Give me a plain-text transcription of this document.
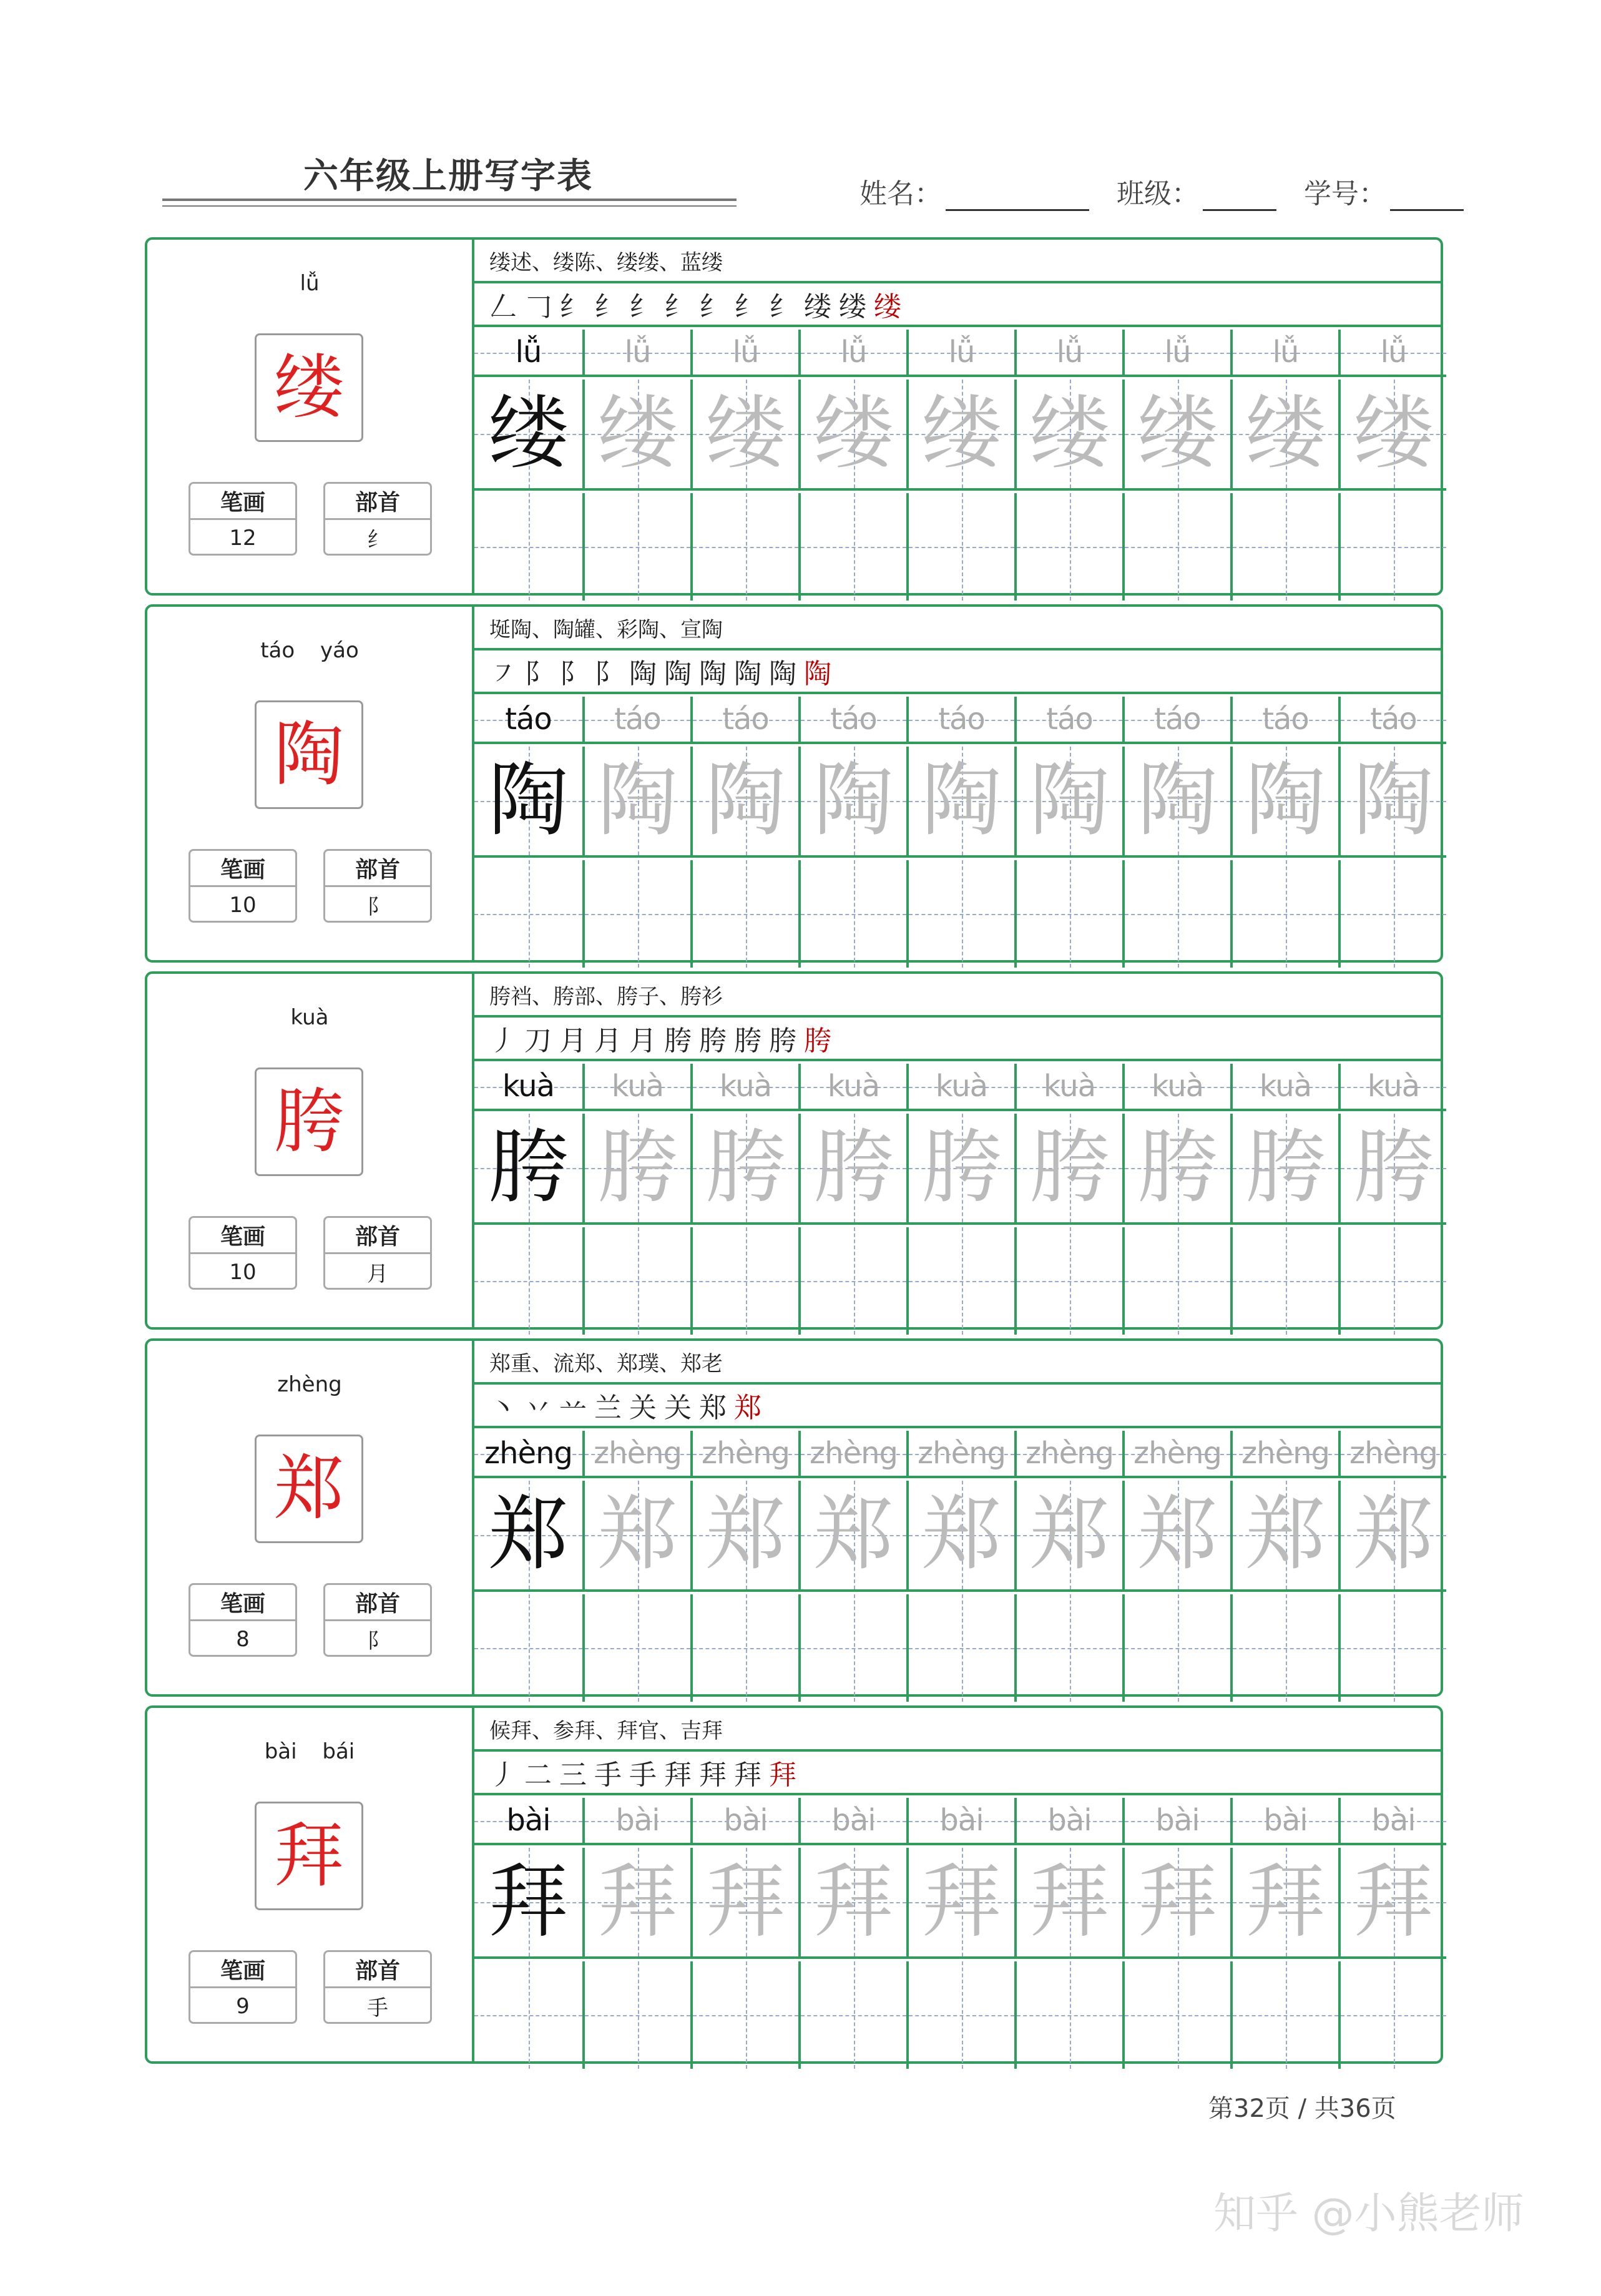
六年级上册写字表	姓名：	班级：	学号：
lǚ
缕
笔画
12
部首
纟
缕述、缕陈、缕缕、蓝缕
𠃋 𠃌 纟 纟 纟 纟 纟 纟 纟 缕 缕 缕
lǚ
缕
lǚ
缕
lǚ
缕
lǚ
缕
lǚ
缕
lǚ
缕
lǚ
缕
lǚ
缕
lǚ
缕
táo yáo
陶
笔画
10
部首
阝
埏陶、陶罐、彩陶、宣陶
㇇ 阝 阝 阝 陶 陶 陶 陶 陶 陶
táo
陶
táo
陶
táo
陶
táo
陶
táo
陶
táo
陶
táo
陶
táo
陶
táo
陶
kuà
胯
笔画
10
部首
月
胯裆、胯部、胯子、胯衫
丿 刀 月 月 月 胯 胯 胯 胯 胯
kuà
胯
kuà
胯
kuà
胯
kuà
胯
kuà
胯
kuà
胯
kuà
胯
kuà
胯
kuà
胯
zhèng
郑
笔画
8
部首
阝
郑重、流郑、郑璞、郑老
丶 丷 䒑 兰 关 关 郑 郑
zhèng
郑
zhèng
郑
zhèng
郑
zhèng
郑
zhèng
郑
zhèng
郑
zhèng
郑
zhèng
郑
zhèng
郑
bài bái
拜
笔画
9
部首
手
候拜、参拜、拜官、吉拜
丿 二 三 手 手 拜 拜 拜 拜
bài
拜
bài
拜
bài
拜
bài
拜
bài
拜
bài
拜
bài
拜
bài
拜
bài
拜
第32页 / 共36页
知乎 @小熊老师
